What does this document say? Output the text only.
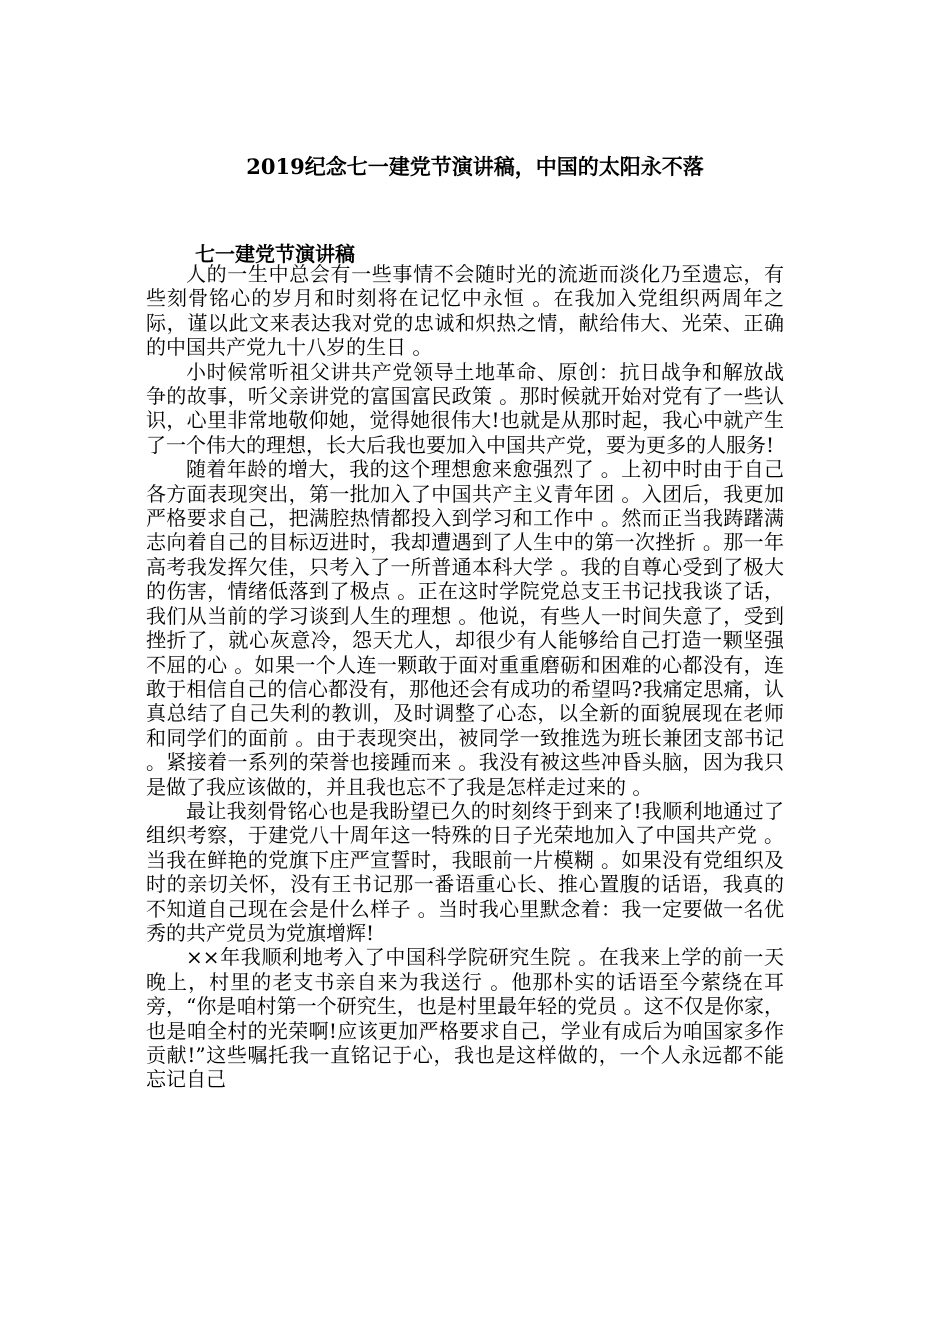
2019纪念七一建党节演讲稿，中国的太阳永不落
七一建党节演讲稿

人的一生中总会有一些事情不会随时光的流逝而淡化乃至遗忘，有些刻骨铭心的岁月和时刻将在记忆中永恒 。在我加入党组织两周年之际，谨以此文来表达我对党的忠诚和炽热之情，献给伟大、光荣、正确的中国共产党九十八岁的生日 。

小时候常听祖父讲共产党领导土地革命、原创：抗日战争和解放战争的故事，听父亲讲党的富国富民政策 。那时候就开始对党有了一些认识，心里非常地敬仰她，觉得她很伟大!也就是从那时起，我心中就产生了一个伟大的理想，长大后我也要加入中国共产党，要为更多的人服务!

随着年龄的增大，我的这个理想愈来愈强烈了 。上初中时由于自己各方面表现突出，第一批加入了中国共产主义青年团 。入团后，我更加严格要求自己，把满腔热情都投入到学习和工作中 。然而正当我踌躇满志向着自己的目标迈进时，我却遭遇到了人生中的第一次挫折 。那一年高考我发挥欠佳，只考入了一所普通本科大学 。我的自尊心受到了极大的伤害，情绪低落到了极点 。正在这时学院党总支王书记找我谈了话，我们从当前的学习谈到人生的理想 。他说，有些人一时间失意了，受到挫折了，就心灰意冷，怨天尤人，却很少有人能够给自己打造一颗坚强不屈的心 。如果一个人连一颗敢于面对重重磨砺和困难的心都没有，连敢于相信自己的信心都没有，那他还会有成功的希望吗?我痛定思痛，认真总结了自己失利的教训，及时调整了心态，以全新的面貌展现在老师和同学们的面前 。由于表现突出，被同学一致推选为班长兼团支部书记 。紧接着一系列的荣誉也接踵而来 。我没有被这些冲昏头脑，因为我只是做了我应该做的，并且我也忘不了我是怎样走过来的 。

最让我刻骨铭心也是我盼望已久的时刻终于到来了!我顺利地通过了组织考察，于建党八十周年这一特殊的日子光荣地加入了中国共产党 。当我在鲜艳的党旗下庄严宣誓时，我眼前一片模糊 。如果没有党组织及时的亲切关怀，没有王书记那一番语重心长、推心置腹的话语，我真的不知道自己现在会是什么样子 。当时我心里默念着：我一定要做一名优秀的共产党员为党旗增辉!

××年我顺利地考入了中国科学院研究生院 。在我来上学的前一天晚上，村里的老支书亲自来为我送行 。他那朴实的话语至今萦绕在耳旁，“你是咱村第一个研究生，也是村里最年轻的党员 。这不仅是你家，也是咱全村的光荣啊!应该更加严格要求自己，学业有成后为咱国家多作贡献!”这些嘱托我一直铭记于心，我也是这样做的，一个人永远都不能忘记自己
